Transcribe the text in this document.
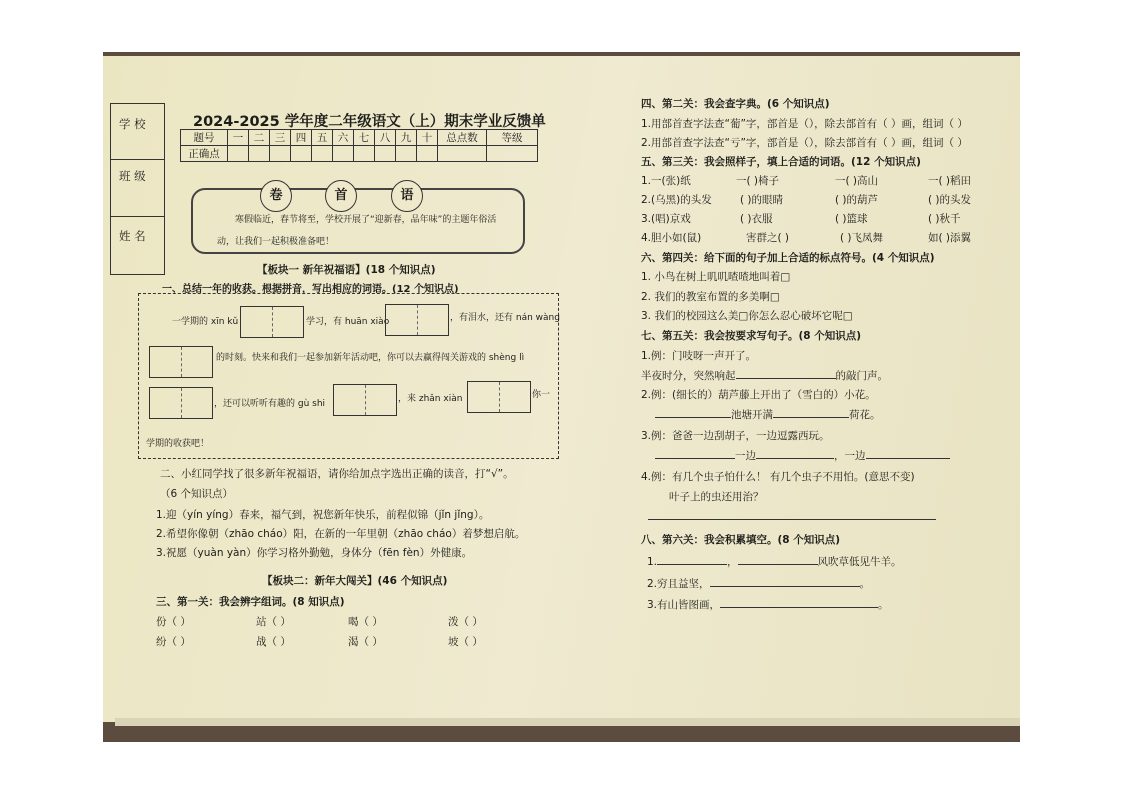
学 校
班 级
姓 名
2024-2025 学年度二年级语文（上）期末学业反馈单
题号	一	二	三	四	五	六	七	八	九	十	总点数	等级
正确点												
寒假临近，春节将至，学校开展了“迎新春，品年味”的主题年俗活
动，让我们一起积极准备吧！
卷	首	语
【板块一 新年祝福语】(18 个知识点)
一、总结一年的收获。根据拼音，写出相应的词语。(12 个知识点)
一学期的 xīn kǔ	学习，有 huān xiào	，有泪水，还有 nán wàng
的时刻。快来和我们一起参加新年活动吧，你可以去赢得闯关游戏的 shèng lì
，还可以听听有趣的 gù shi	，来 zhǎn xiàn	你一
学期的收获吧！
二、小红同学找了很多新年祝福语，请你给加点字选出正确的读音，打“√”。
（6 个知识点）
1.迎（yín yíng）春来，福气到，祝您新年快乐，前程似锦（jǐn jǐng）。
2.希望你像朝（zhāo cháo）阳，在新的一年里朝（zhāo cháo）着梦想启航。
3.祝愿（yuàn yàn）你学习格外勤勉，身体分（fēn fèn）外健康。
【板块二：新年大闯关】(46 个知识点)
三、第一关：我会辨字组词。(8 知识点)
份（ ）	站（ ）	喝（ ）	泼（ ）
纷（ ）	战（ ）	渴（ ）	坡（ ）
四、第二关：我会查字典。(6 个知识点)
1.用部首查字法查“葡”字，部首是（），除去部首有（ ）画，组词（ ）
2.用部首查字法查“亏”字，部首是（），除去部首有（ ）画，组词（ ）
五、第三关：我会照样子，填上合适的词语。(12 个知识点)
1.一(张)纸	一( )椅子	一( )高山	一( )稻田
2.(乌黑)的头发	( )的眼睛	( )的葫芦	( )的头发
3.(唱)京戏	( )衣服	( )篮球	( )秋千
4.胆小如(鼠)	害群之( )	( )飞凤舞	如( )添翼
六、第四关：给下面的句子加上合适的标点符号。(4 个知识点)
1. 小鸟在树上叽叽喳喳地叫着□
2. 我们的教室布置的多美啊□
3. 我们的校园这么美□你怎么忍心破坏它呢□
七、第五关：我会按要求写句子。(8 个知识点)
1.例：门吱呀一声开了。
半夜时分，突然响起	的敲门声。
2.例：(细长的）葫芦藤上开出了（雪白的）小花。
池塘开满	荷花。
3.例：爸爸一边刮胡子，一边逗露西玩。
一边	，一边
4.例：有几个虫子怕什么！ 有几个虫子不用怕。(意思不变)
叶子上的虫还用治？
八、第六关：我会积累填空。(8 个知识点)
1.	，	风吹草低见牛羊。
2.穷且益坚，	。
3.有山皆图画，	。
